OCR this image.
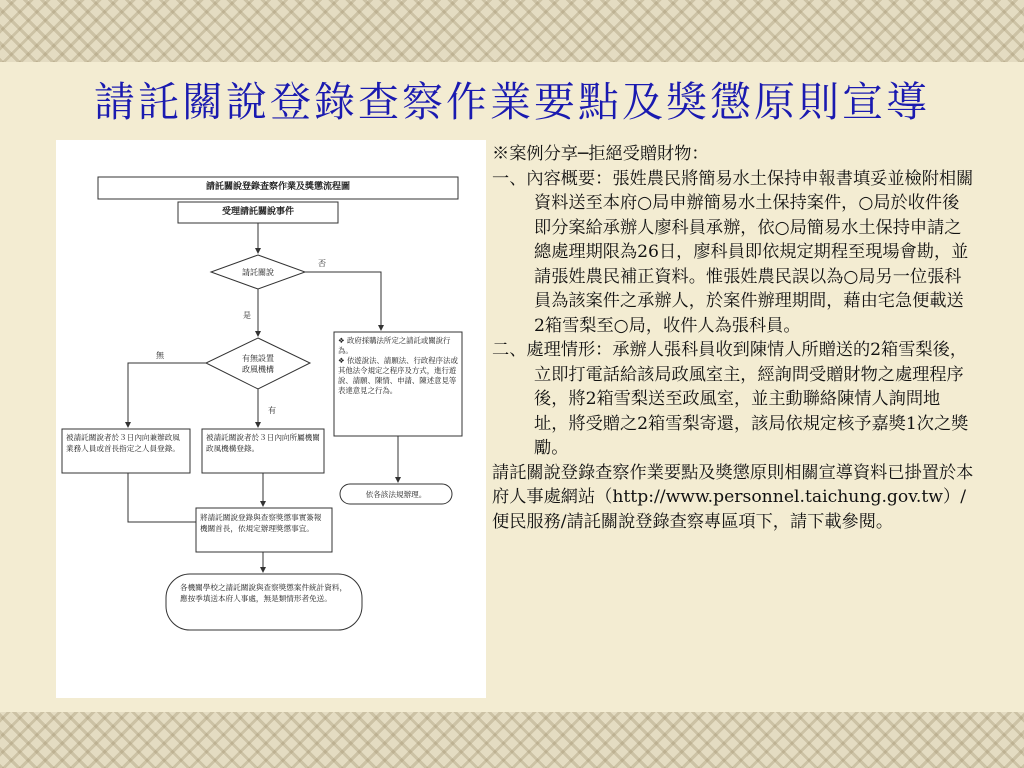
請託關說登錄查察作業要點及獎懲原則宣導
請託關說登錄查察作業及獎懲流程圖
受理請託關說事件
請託關說
否
是
有無設置
政風機構
無
有
❖ 政府採購法所定之請託或關說行為。
❖ 依遊說法、請願法、行政程序法或其他法令規定之程序及方式，進行遊說、請願、陳情、申請、陳述意見等表達意見之行為。
被請託關說者於３日內向兼辦政風業務人員或首長指定之人員登錄。
被請託關說者於３日內向所屬機關政風機構登錄。
依各該法規辦理。
將請託關說登錄與查察獎懲事實簽報機關首長，依規定辦理獎懲事宜。
各機關學校之請託關說與查察獎懲案件統計資料，應按季填送本府人事處，無是類情形者免送。

※案例分享─拒絕受贈財物：

一、內容概要：張姓農民將簡易水土保持申報書填妥並檢附相關資料送至本府○局申辦簡易水土保持案件，○局於收件後即分案給承辦人廖科員承辦，依○局簡易水土保持申請之總處理期限為26日，廖科員即依規定期程至現場會勘，並請張姓農民補正資料。惟張姓農民誤以為○局另一位張科員為該案件之承辦人，於案件辦理期間，藉由宅急便載送2箱雪梨至○局，收件人為張科員。

二、處理情形：承辦人張科員收到陳情人所贈送的2箱雪梨後，立即打電話給該局政風室主，經詢問受贈財物之處理程序後，將2箱雪梨送至政風室，並主動聯絡陳情人詢問地址，將受贈之2箱雪梨寄還，該局依規定核予嘉獎1次之獎勵。

請託關說登錄查察作業要點及獎懲原則相關宣導資料已掛置於本府人事處網站（http://www.personnel.taichung.gov.tw）/ 便民服務/請託關說登錄查察專區項下，請下載參閱。
